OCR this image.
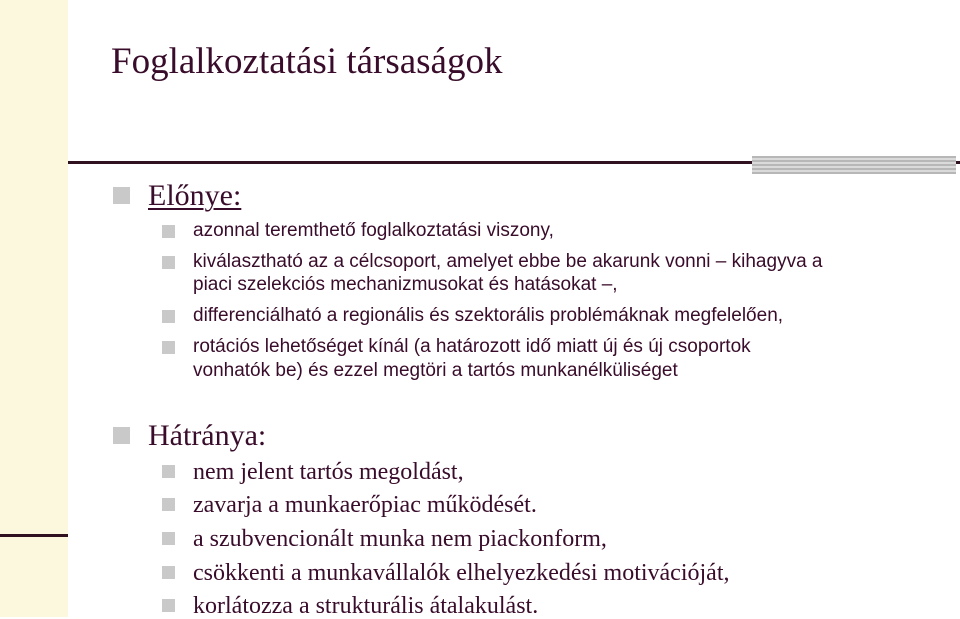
Foglalkoztatási társaságok
Előnye:
azonnal teremthető foglalkoztatási viszony,
kiválasztható az a célcsoport, amelyet ebbe be akarunk vonni – kihagyva a
piaci szelekciós mechanizmusokat és hatásokat –,
differenciálható a regionális és szektorális problémáknak megfelelően,
rotációs lehetőséget kínál (a határozott idő miatt új és új csoportok
vonhatók be) és ezzel megtöri a tartós munkanélküliséget
Hátránya:
nem jelent tartós megoldást,
zavarja a munkaerőpiac működését.
a szubvencionált munka nem piackonform,
csökkenti a munkavállalók elhelyezkedési motivációját,
korlátozza a strukturális átalakulást.
